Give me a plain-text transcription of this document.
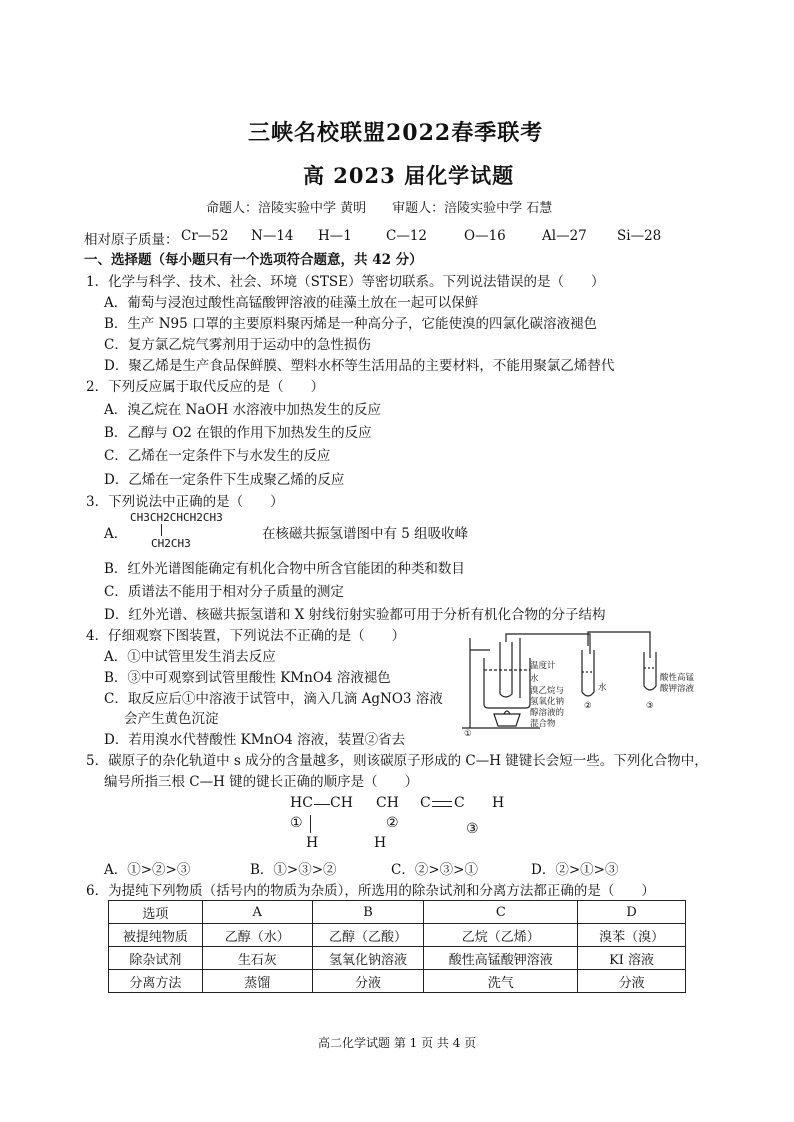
三峡名校联盟2022春季联考
高 2023 届化学试题
命题人：涪陵实验中学 黄明　　审题人：涪陵实验中学 石慧
相对原子质量： Cr—52 N—14 H—1	C—12	O—16	Al—27 Si—28
一、选择题（每小题只有一个选项符合题意，共 42 分）
1．化学与科学、技术、社会、环境（STSE）等密切联系。下列说法错误的是（　　）
A．葡萄与浸泡过酸性高锰酸钾溶液的硅藻土放在一起可以保鲜
B．生产 N95 口罩的主要原料聚丙烯是一种高分子，它能使溴的四氯化碳溶液褪色
C．复方氯乙烷气雾剂用于运动中的急性损伤
D．聚乙烯是生产食品保鲜膜、塑料水杯等生活用品的主要材料，不能用聚氯乙烯替代
2．下列反应属于取代反应的是（　　）
A．溴乙烷在 NaOH 水溶液中加热发生的反应
B．乙醇与 O2 在银的作用下加热发生的反应
C．乙烯在一定条件下与水发生的反应
D．乙烯在一定条件下生成聚乙烯的反应
3．下列说法中正确的是（　　）
A．
CH3CH2CHCH2CH3
CH2CH3
在核磁共振氢谱图中有 5 组吸收峰
B．红外光谱图能确定有机化合物中所含官能团的种类和数目
C．质谱法不能用于相对分子质量的测定
D．红外光谱、核磁共振氢谱和 X 射线衍射实验都可用于分析有机化合物的分子结构
4．仔细观察下图装置，下列说法不正确的是（　　）
A．①中试管里发生消去反应
B．③中可观察到试管里酸性 KMnO4 溶液褪色
C．取反应后①中溶液于试管中，滴入几滴 AgNO3 溶液
会产生黄色沉淀
D．若用溴水代替酸性 KMnO4 溶液，装置②省去
温度计
水
溴乙烷与
氢氧化钠
醇溶液的
混合物
水
酸性高锰
酸钾溶液
①
②	③
5．碳原子的杂化轨道中 s 成分的含量越多，则该碳原子形成的 C—H 键键长会短一些。下列化合物中，
编号所指三根 C—H 键的键长正确的顺序是（　　）
HC CH CH C C H
①	②	③
H	H
A．①>②>③	B．①>③>②	C．②>③>①	D．②>①>③
6．为提纯下列物质（括号内的物质为杂质），所选用的除杂试剂和分离方法都正确的是（　　）
选项	A	B	C	D
被提纯物质	乙醇（水）	乙醇（乙酸）	乙烷（乙烯）	溴苯（溴）
除杂试剂	生石灰	氢氧化钠溶液	酸性高锰酸钾溶液	KI 溶液
分离方法	蒸馏	分液	洗气	分液
高二化学试题 第 1 页 共 4 页
